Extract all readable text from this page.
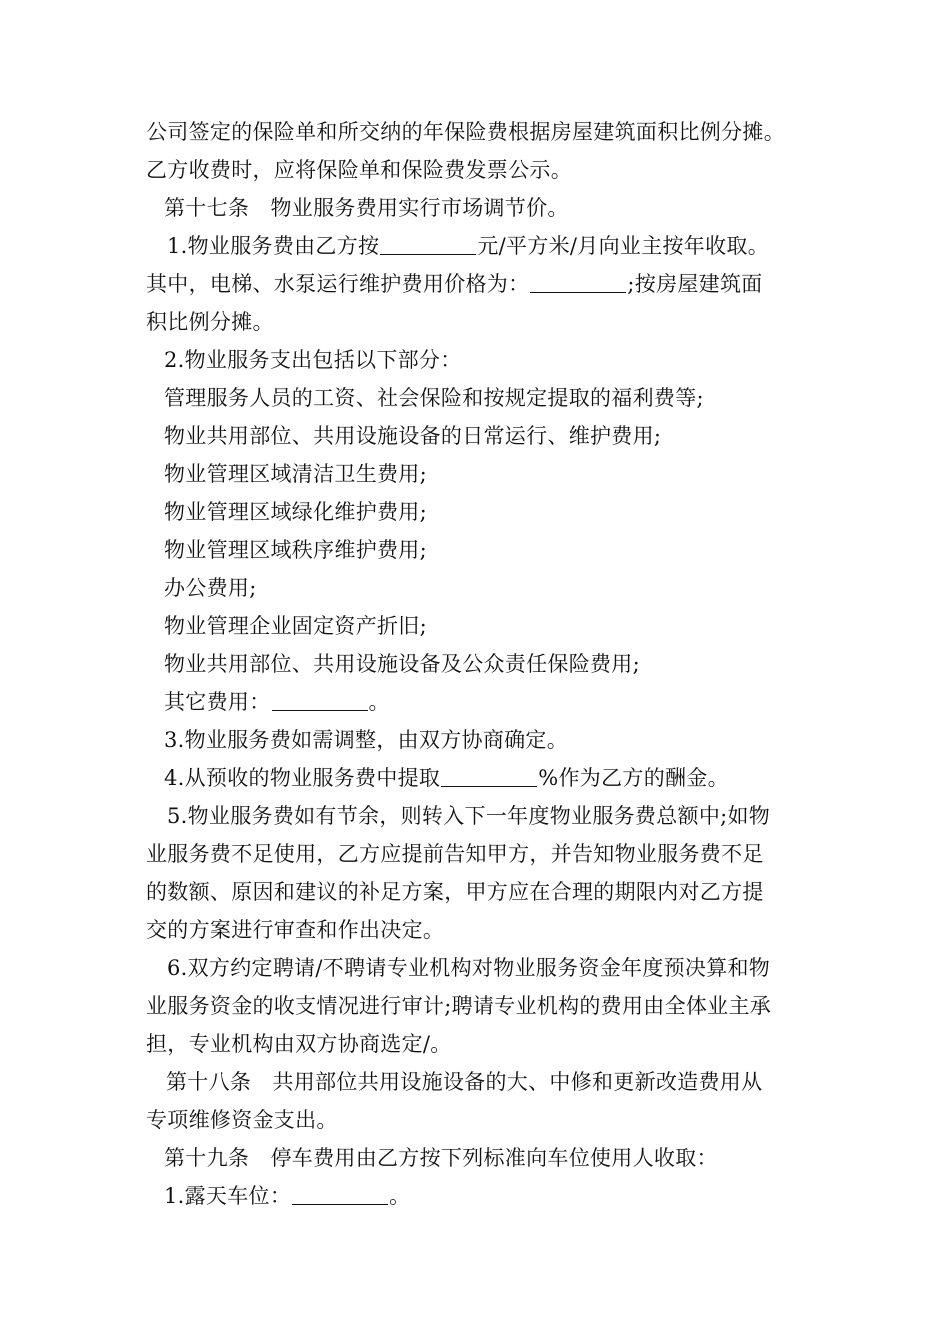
公司签定的保险单和所交纳的年保险费根据房屋建筑面积比例分摊。
乙方收费时，应将保险单和保险费发票公示。
第十七条　物业服务费用实行市场调节价。
1.物业服务费由乙方按	元/平方米/月向业主按年收取。
其中，电梯、水泵运行维护费用价格为：	;按房屋建筑面
积比例分摊。
2.物业服务支出包括以下部分：
管理服务人员的工资、社会保险和按规定提取的福利费等;
物业共用部位、共用设施设备的日常运行、维护费用;
物业管理区域清洁卫生费用;
物业管理区域绿化维护费用;
物业管理区域秩序维护费用;
办公费用;
物业管理企业固定资产折旧;
物业共用部位、共用设施设备及公众责任保险费用;
其它费用：	。
3.物业服务费如需调整，由双方协商确定。
4.从预收的物业服务费中提取	%作为乙方的酬金。
5.物业服务费如有节余，则转入下一年度物业服务费总额中;如物
业服务费不足使用，乙方应提前告知甲方，并告知物业服务费不足
的数额、原因和建议的补足方案，甲方应在合理的期限内对乙方提
交的方案进行审查和作出决定。
6.双方约定聘请/不聘请专业机构对物业服务资金年度预决算和物
业服务资金的收支情况进行审计;聘请专业机构的费用由全体业主承
担，专业机构由双方协商选定/。
第十八条　共用部位共用设施设备的大、中修和更新改造费用从
专项维修资金支出。
第十九条　停车费用由乙方按下列标准向车位使用人收取：
1.露天车位：	。
